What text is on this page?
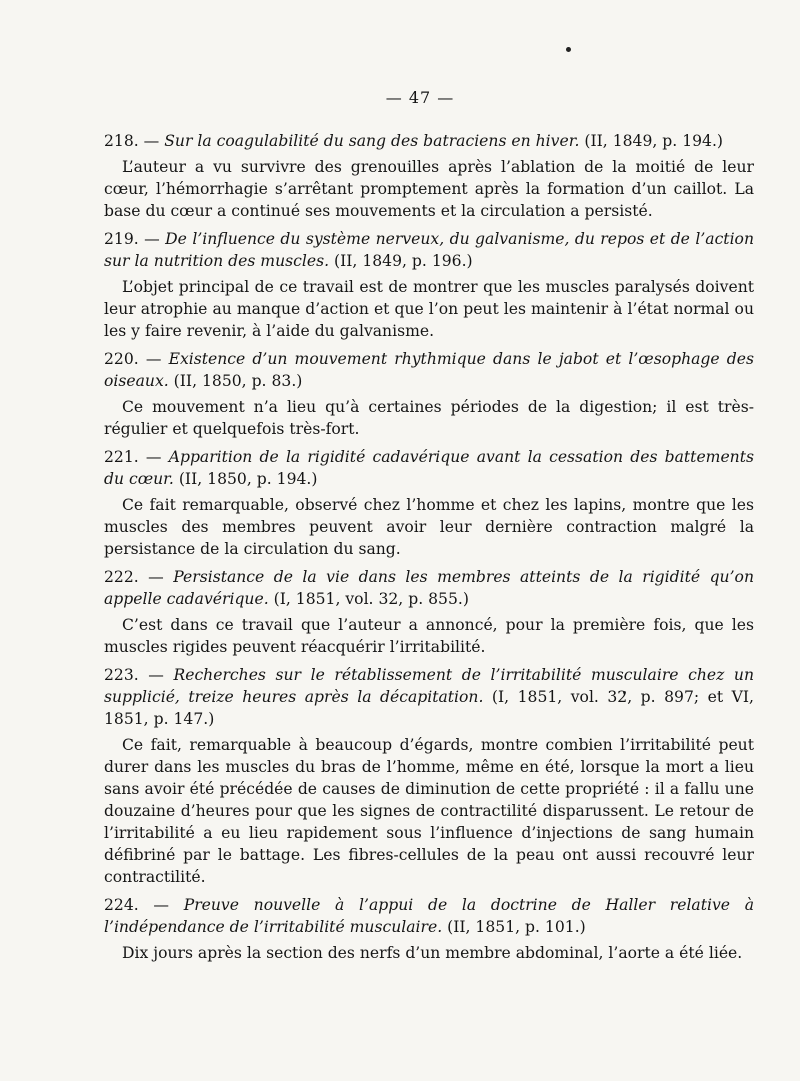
— 47 —

218. — Sur la coagulabilité du sang des batraciens en hiver. (II, 1849, p. 194.)

L’auteur a vu survivre des grenouilles après l’ablation de la moitié de leur cœur, l’hémorrhagie s’arrêtant promptement après la formation d’un caillot. La base du cœur a continué ses mouvements et la circulation a persisté.

219. — De l’influence du système nerveux, du galvanisme, du repos et de l’action sur la nutrition des muscles. (II, 1849, p. 196.)

L’objet principal de ce travail est de montrer que les muscles paralysés doivent leur atrophie au manque d’action et que l’on peut les maintenir à l’état normal ou les y faire revenir, à l’aide du galvanisme.

220. — Existence d’un mouvement rhythmique dans le jabot et l’œsophage des oiseaux. (II, 1850, p. 83.)

Ce mouvement n’a lieu qu’à certaines périodes de la digestion; il est très-régulier et quelquefois très-fort.

221. — Apparition de la rigidité cadavérique avant la cessation des battements du cœur. (II, 1850, p. 194.)

Ce fait remarquable, observé chez l’homme et chez les lapins, montre que les muscles des membres peuvent avoir leur dernière contraction malgré la persistance de la circulation du sang.

222. — Persistance de la vie dans les membres atteints de la rigidité qu’on appelle cadavérique. (I, 1851, vol. 32, p. 855.)

C’est dans ce travail que l’auteur a annoncé, pour la première fois, que les muscles rigides peuvent réacquérir l’irritabilité.

223. — Recherches sur le rétablissement de l’irritabilité musculaire chez un supplicié, treize heures après la décapitation. (I, 1851, vol. 32, p. 897; et VI, 1851, p. 147.)

Ce fait, remarquable à beaucoup d’égards, montre combien l’irritabilité peut durer dans les muscles du bras de l’homme, même en été, lorsque la mort a lieu sans avoir été précédée de causes de diminution de cette propriété : il a fallu une douzaine d’heures pour que les signes de contractilité disparussent. Le retour de l’irritabilité a eu lieu rapidement sous l’influence d’injections de sang humain défibriné par le battage. Les fibres-cellules de la peau ont aussi recouvré leur contractilité.

224. — Preuve nouvelle à l’appui de la doctrine de Haller relative à l’indépendance de l’irritabilité musculaire. (II, 1851, p. 101.)

Dix jours après la section des nerfs d’un membre abdominal, l’aorte a été liée.
